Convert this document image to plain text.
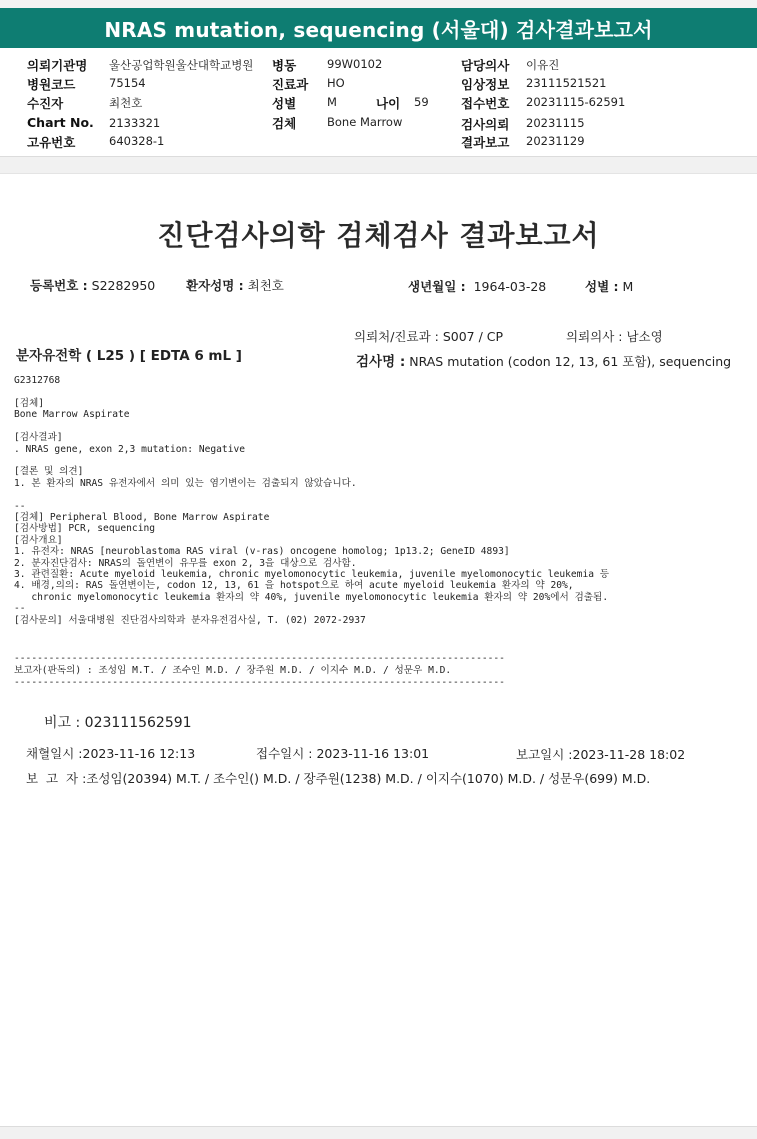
NRAS mutation, sequencing (서울대) 검사결과보고서
의뢰기관명 울산공업학원울산대학교병원 병동	99W0102	담당의사 이유진
병원코드	75154	진료과 HO	임상정보 23111521521
수진자	최천호	성별	M	나이 59	접수번호 20231115-62591
Chart No. 2133321	검체	Bone Marrow	검사의뢰 20231115
고유번호	640328-1	결과보고 20231129
진단검사의학 검체검사 결과보고서
등록번호 : S2282950 환자성명 : 최천호	생년월일 : 1964-03-28	성별 : M
의뢰처/진료과 : S007 / CP	의뢰의사 : 남소영
분자유전학 ( L25 ) [ EDTA 6 mL ]	검사명 : NRAS mutation (codon 12, 13, 61 포함), sequencing
G2312768
[검체]
Bone Marrow Aspirate
[검사결과]
. NRAS gene, exon 2,3 mutation: Negative
[결론 및 의견]
1. 본 환자의 NRAS 유전자에서 의미 있는 염기변이는 검출되지 않았습니다.
--
[검체] Peripheral Blood, Bone Marrow Aspirate
[검사방법] PCR, sequencing
[검사개요]
1. 유전자: NRAS [neuroblastoma RAS viral (v-ras) oncogene homolog; 1p13.2; GeneID 4893]
2. 분자진단검사: NRAS의 돌연변이 유무를 exon 2, 3을 대상으로 검사함.
3. 관련질환: Acute myeloid leukemia, chronic myelomonocytic leukemia, juvenile myelomonocytic leukemia 등
4. 배경,의의: RAS 돌연변이는, codon 12, 13, 61 을 hotspot으로 하여 acute myeloid leukemia 환자의 약 20%,
chronic myelomonocytic leukemia 환자의 약 40%, juvenile myelomonocytic leukemia 환자의 약 20%에서 검출됨.
--
[검사문의] 서울대병원 진단검사의학과 분자유전검사실, T. (02) 2072-2937
-------------------------------------------------------------------------------------
보고자(판독의) : 조성임 M.T. / 조수인 M.D. / 장주원 M.D. / 이지수 M.D. / 성문우 M.D.
-------------------------------------------------------------------------------------
비고 : 023111562591
채혈일시 :2023-11-16 12:13	접수일시 : 2023-11-16 13:01	보고일시 :2023-11-28 18:02
보  고  자 :조성임(20394) M.T. / 조수인() M.D. / 장주원(1238) M.D. / 이지수(1070) M.D. / 성문우(699) M.D.
